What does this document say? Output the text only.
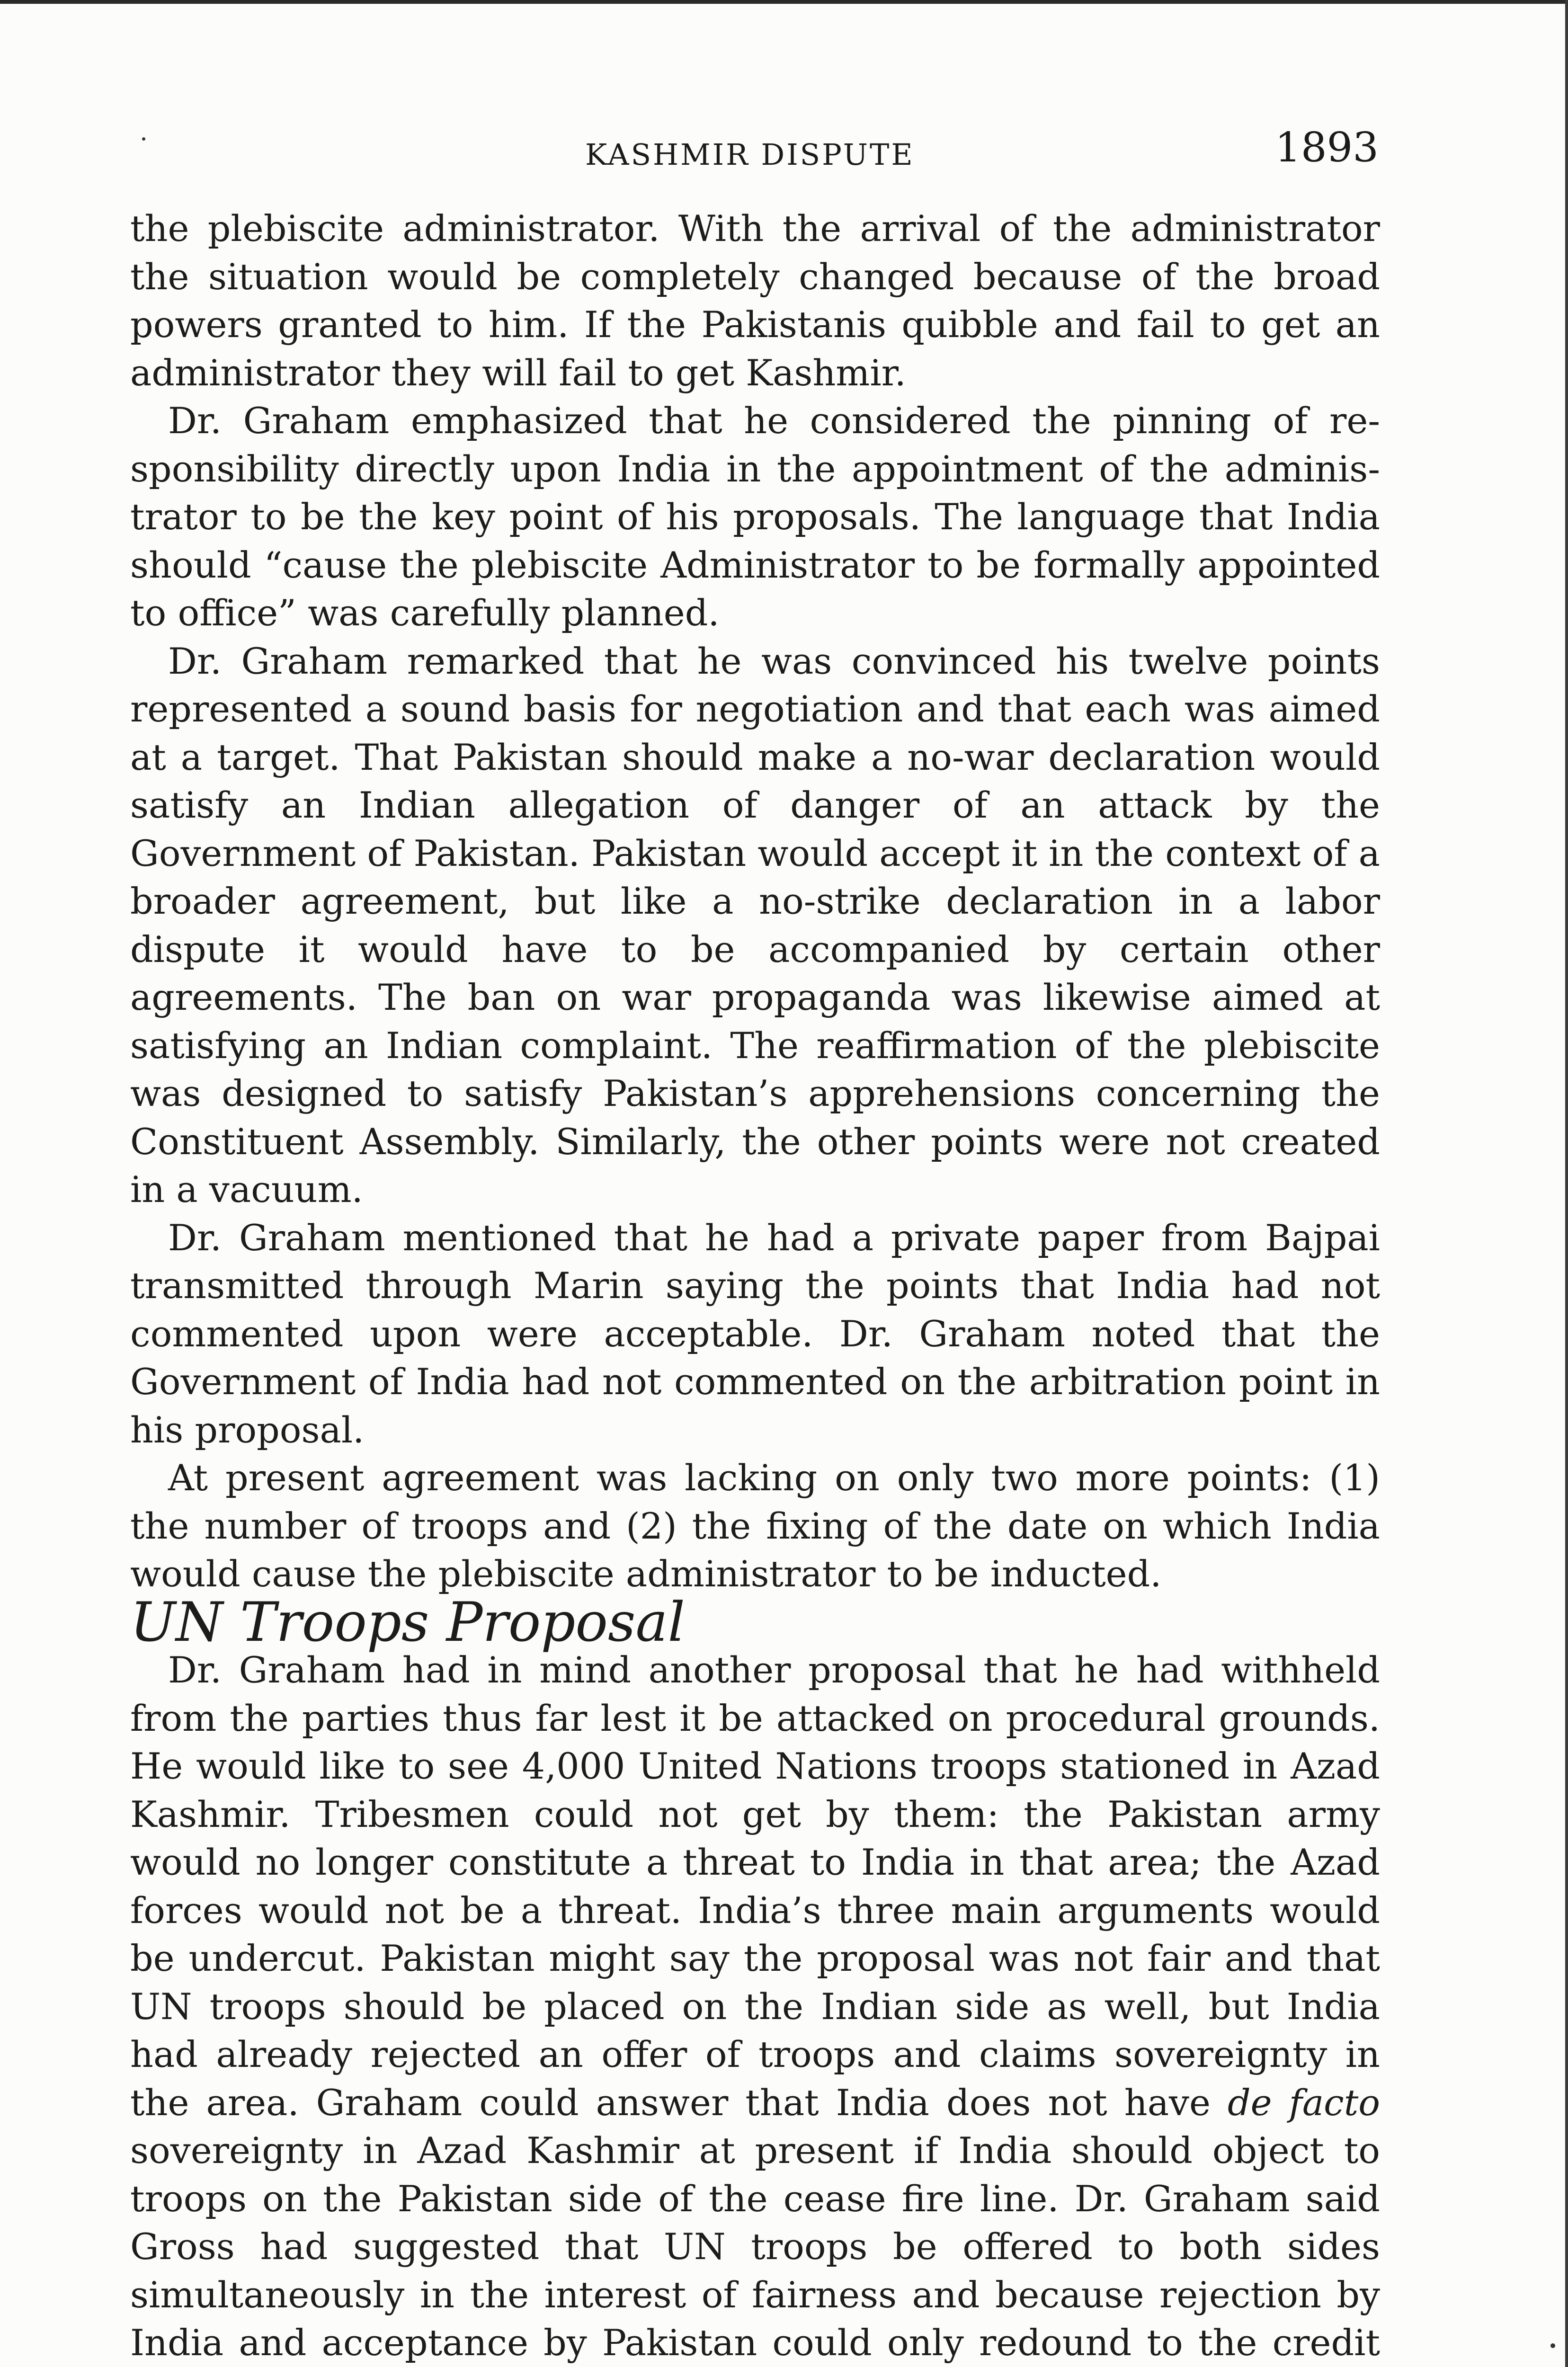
KASHMIR DISPUTE	1893

the plebiscite administrator. With the arrival of the administrator the situation would be completely changed because of the broad powers granted to him. If the Pakistanis quibble and fail to get an administrator they will fail to get Kashmir.

Dr. Graham emphasized that he considered the pinning of responsibility directly upon India in the appointment of the administrator to be the key point of his proposals. The language that India should “cause the plebiscite Administrator to be formally appointed to office” was carefully planned.

Dr. Graham remarked that he was convinced his twelve points represented a sound basis for negotiation and that each was aimed at a target. That Pakistan should make a no-war declaration would satisfy an Indian allegation of danger of an attack by the Government of Pakistan. Pakistan would accept it in the context of a broader agreement, but like a no-strike declaration in a labor dispute it would have to be accompanied by certain other agreements. The ban on war propaganda was likewise aimed at satisfying an Indian complaint. The reaffirmation of the plebiscite was designed to satisfy Pakistan’s apprehensions concerning the Constituent Assembly. Similarly, the other points were not created in a vacuum.

Dr. Graham mentioned that he had a private paper from Bajpai transmitted through Marin saying the points that India had not commented upon were acceptable. Dr. Graham noted that the Government of India had not commented on the arbitration point in his proposal.

At present agreement was lacking on only two more points: (1) the number of troops and (2) the fixing of the date on which India would cause the plebiscite administrator to be inducted.

UN Troops Proposal

Dr. Graham had in mind another proposal that he had withheld from the parties thus far lest it be attacked on procedural grounds. He would like to see 4,000 United Nations troops stationed in Azad Kashmir. Tribesmen could not get by them: the Pakistan army would no longer constitute a threat to India in that area; the Azad forces would not be a threat. India’s three main arguments would be undercut. Pakistan might say the proposal was not fair and that UN troops should be placed on the Indian side as well, but India had already rejected an offer of troops and claims sovereignty in the area. Graham could answer that India does not have de facto sovereignty in Azad Kashmir at present if India should object to troops on the Pakistan side of the cease fire line. Dr. Graham said Gross had suggested that UN troops be offered to both sides simultaneously in the interest of fairness and because rejection by India and acceptance by Pakistan could only redound to the credit
